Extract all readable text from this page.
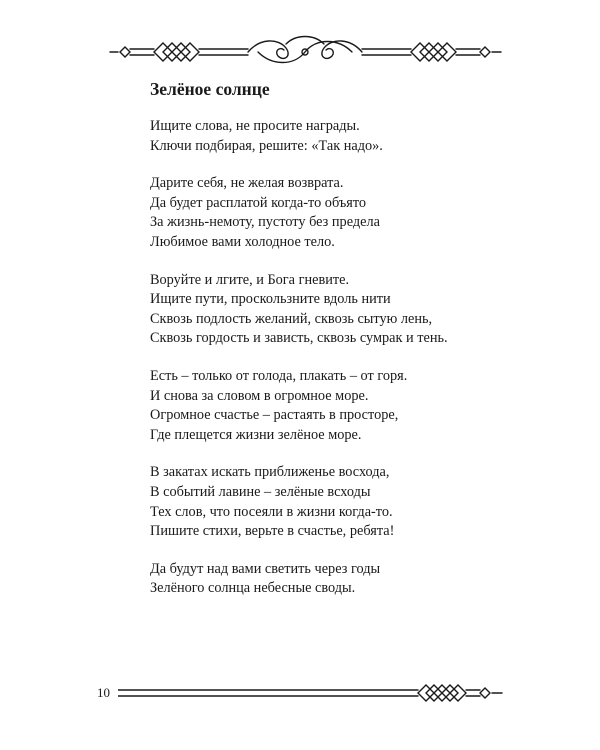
Зелёное солнце

Ищите слова, не просите награды.
Ключи подбирая, решите: «Так надо».

Дарите себя, не желая возврата.
Да будет расплатой когда-то объято
За жизнь-немоту, пустоту без предела
Любимое вами холодное тело.

Воруйте и лгите, и Бога гневите.
Ищите пути, проскользните вдоль нити
Сквозь подлость желаний, сквозь сытую лень,
Сквозь гордость и зависть, сквозь сумрак и тень.

Есть – только от голода, плакать – от горя.
И снова за словом в огромное море.
Огромное счастье – растаять в просторе,
Где плещется жизни зелёное море.

В закатах искать приближенье восхода,
В событий лавине – зелёные всходы
Тех слов, что посеяли в жизни когда-то.
Пишите стихи, верьте в счастье, ребята!

Да будут над вами светить через годы
Зелёного солнца небесные своды.

10
